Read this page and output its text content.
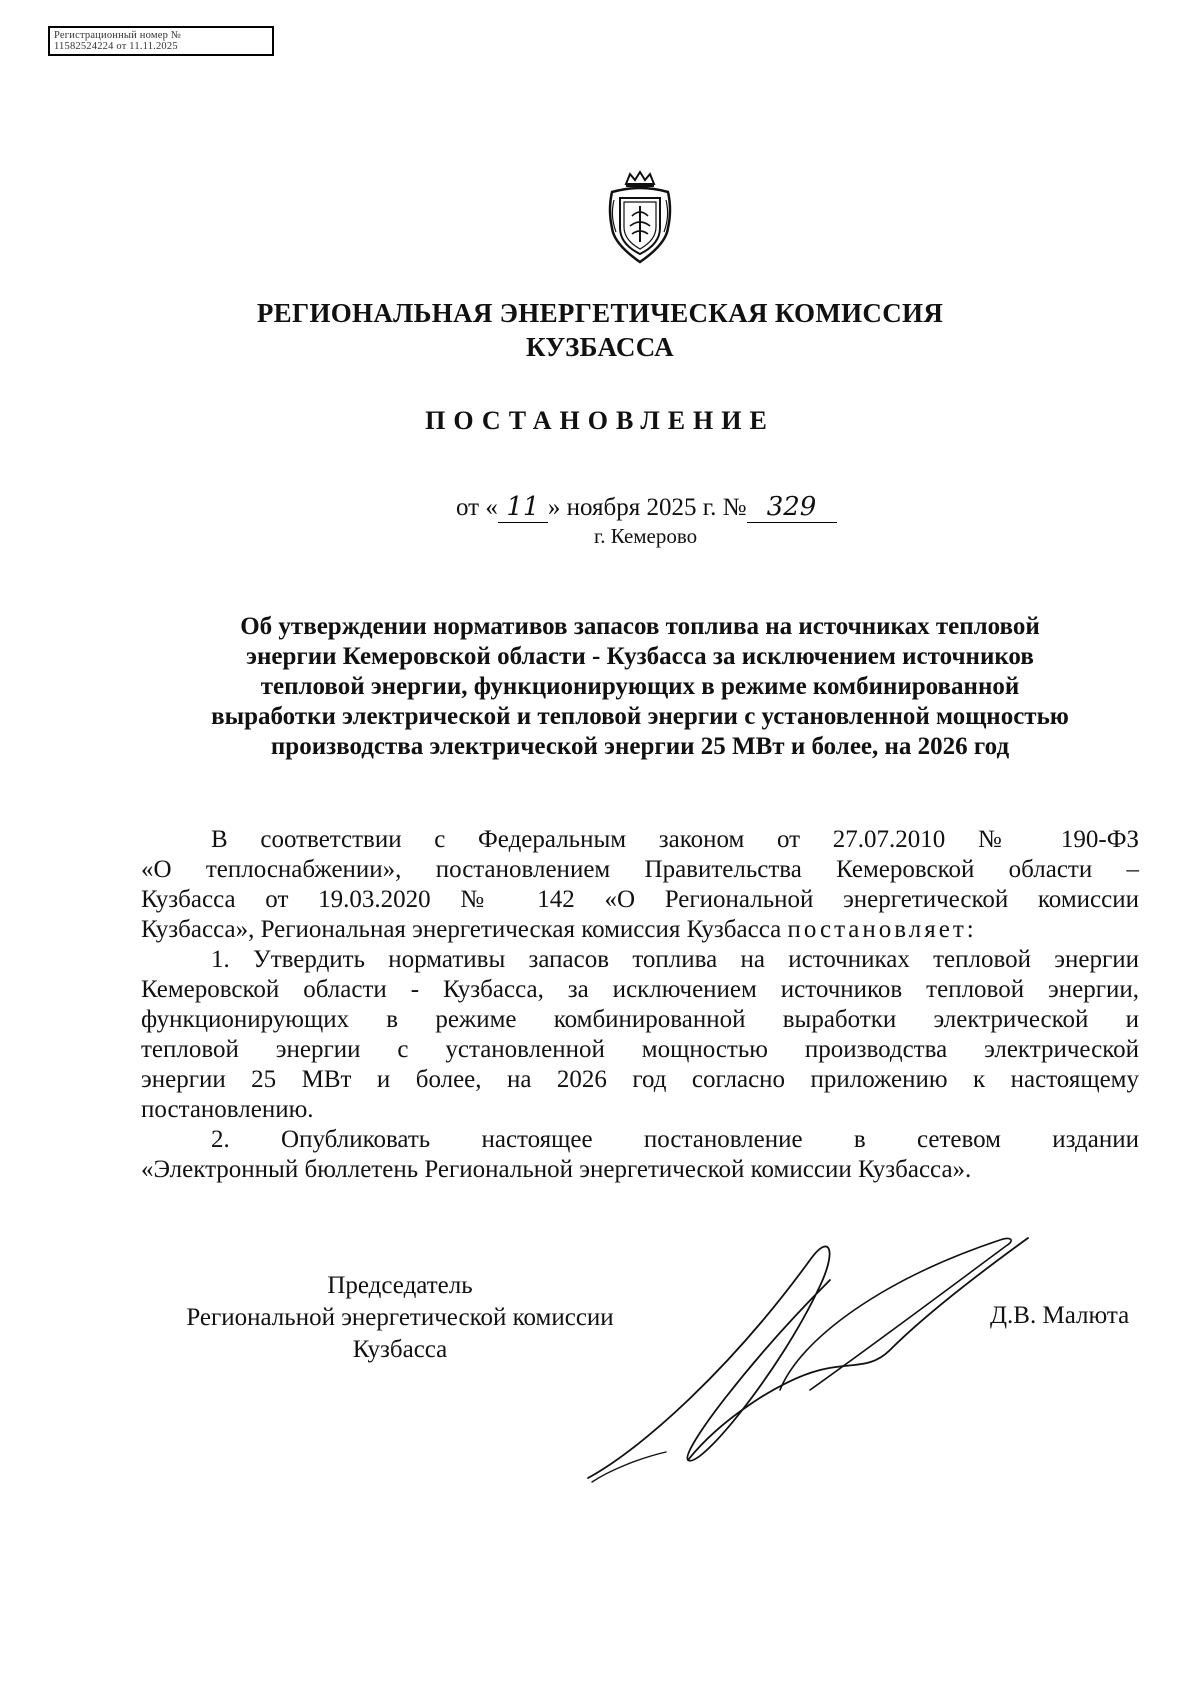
Регистрационный номер №
11582524224 от 11.11.2025
РЕГИОНАЛЬНАЯ ЭНЕРГЕТИЧЕСКАЯ КОМИССИЯ
КУЗБАССА
ПОСТАНОВЛЕНИЕ
от « 11 » ноября 2025 г. № 329
г. Кемерово
Об утверждении нормативов запасов топлива на источниках тепловой
энергии Кемеровской области - Кузбасса за исключением источников
тепловой энергии, функционирующих в режиме комбинированной
выработки электрической и тепловой энергии с установленной мощностью
производства электрической энергии 25 МВт и более, на 2026 год
В соответствии с Федеральным законом от 27.07.2010 № 190-ФЗ
«О теплоснабжении», постановлением Правительства Кемеровской области –
Кузбасса от 19.03.2020 № 142 «О Региональной энергетической комиссии
Кузбасса», Региональная энергетическая комиссия Кузбасса постановляет:
1. Утвердить нормативы запасов топлива на источниках тепловой энергии
Кемеровской области - Кузбасса, за исключением источников тепловой энергии,
функционирующих в режиме комбинированной выработки электрической и
тепловой энергии с установленной мощностью производства электрической
энергии 25 МВт и более, на 2026 год согласно приложению к настоящему
постановлению.
2. Опубликовать настоящее постановление в сетевом издании
«Электронный бюллетень Региональной энергетической комиссии Кузбасса».
Председатель
Региональной энергетической комиссии
Кузбасса
Д.В. Малюта
